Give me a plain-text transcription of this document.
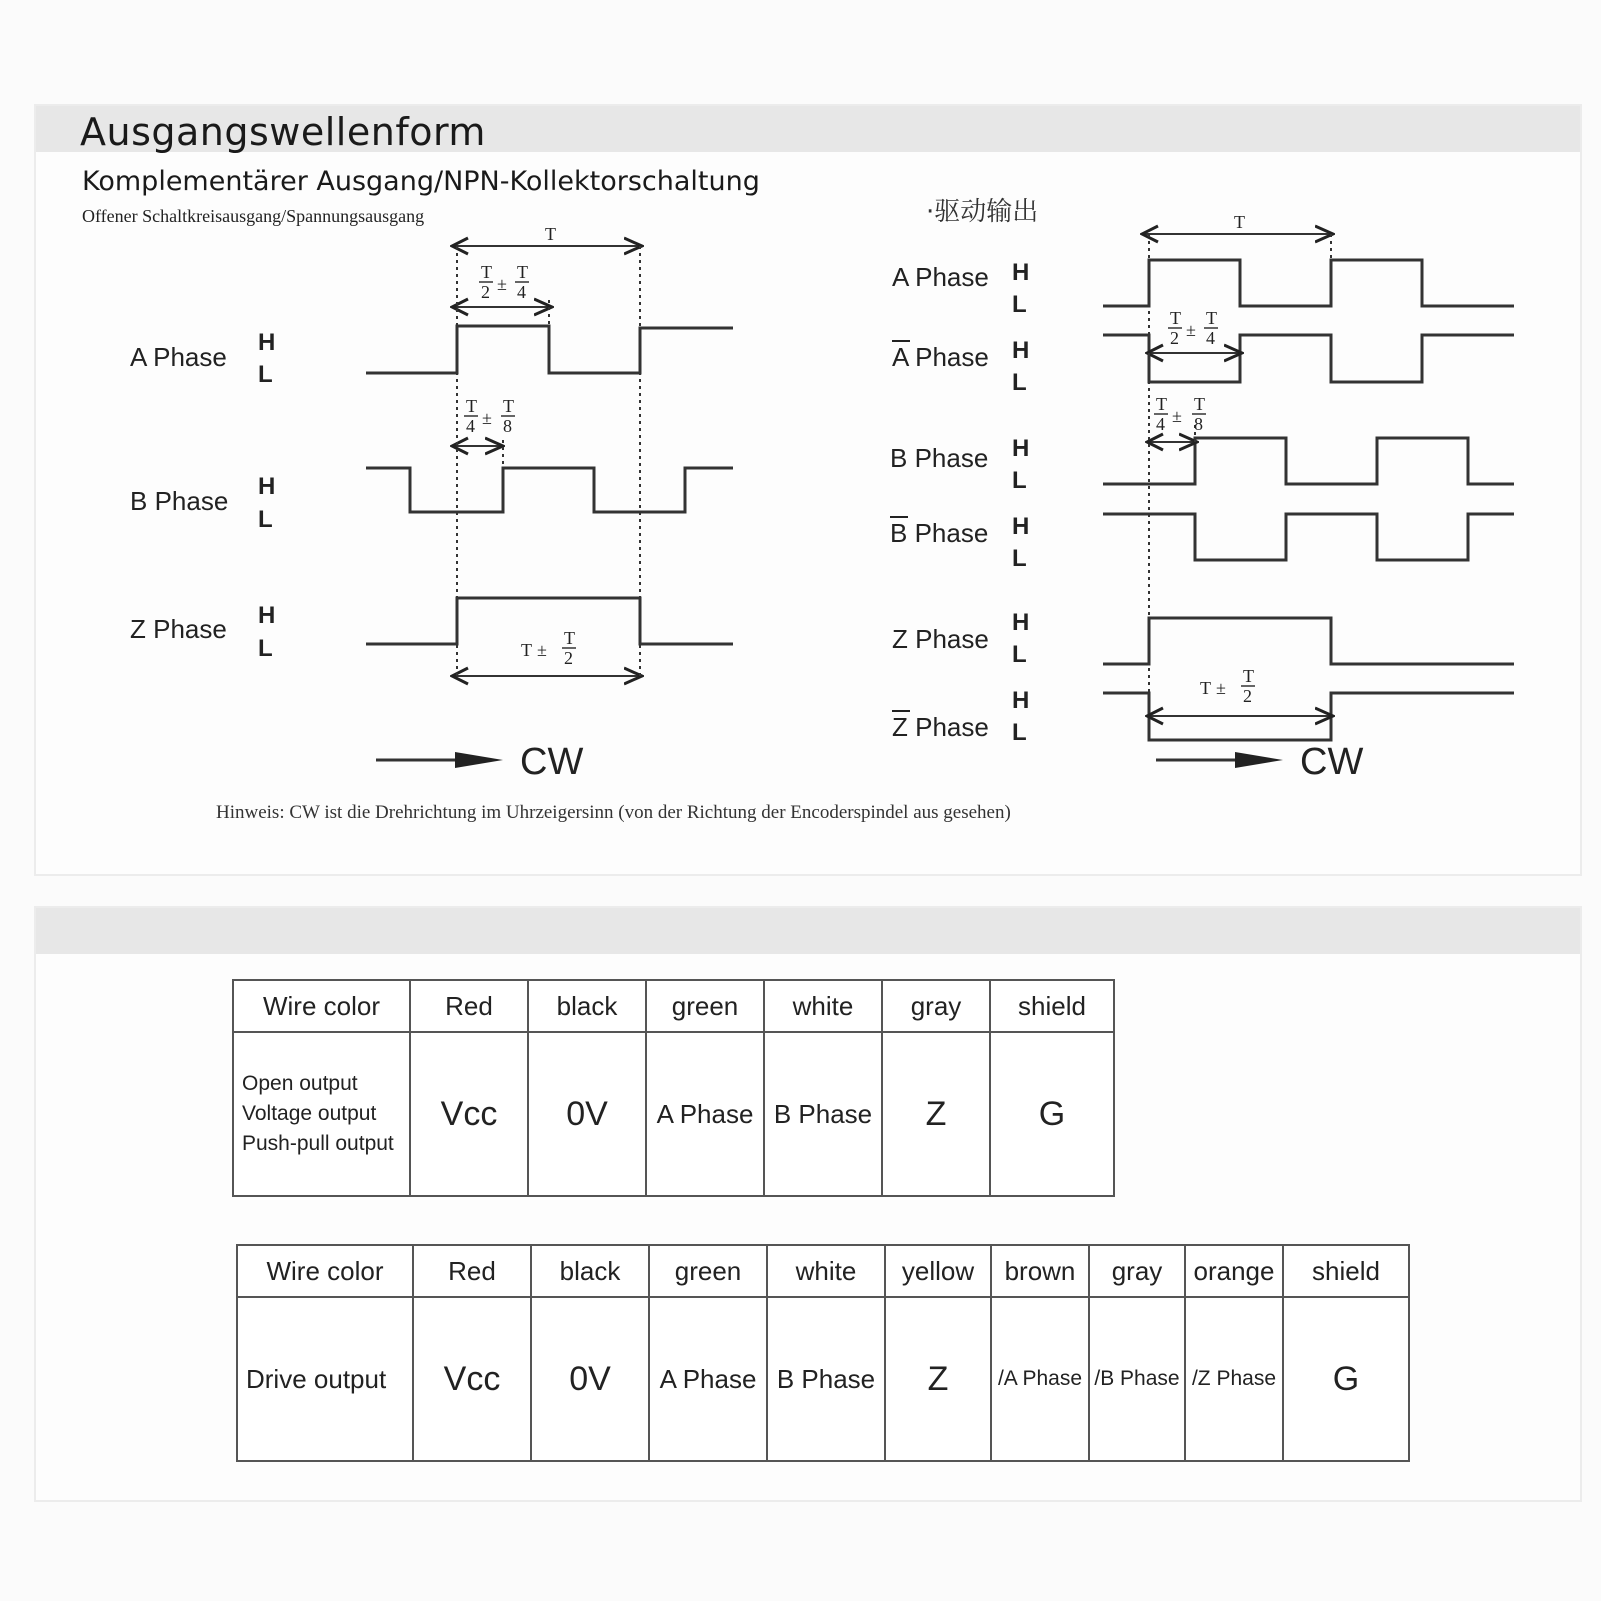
Ausgangswellenform
Komplementärer Ausgang/NPN-Kollektorschaltung
Offener Schaltkreisausgang/Spannungsausgang
Hinweis: CW ist die Drehrichtung im Uhrzeigersinn (von der Richtung der Encoderspindel aus gesehen)
A Phase
B Phase
Z Phase
H
L
H
L
H
L
T
CW
T
2 ±
T
4
T
4 ±
T
8
T ±
T
2
·驱动输出
A Phase
A Phase
B Phase
B Phase
Z Phase
Z Phase
H
L
H
L
H
L
H
L
H
L
H
L
T
CW
T
2 ±
T
4
T
4 ±
T
8
T ±
T
2
Wire color	Red	black	green	white	gray	shield

Open output
Voltage output
Push-pull output	Vcc	0V	A Phase	B Phase	Z	G
Wire color	Red	black	green	white	yellow	brown	gray	orange	shield
Drive output	Vcc	0V	A Phase	B Phase	Z	/A Phase	/B Phase	/Z Phase	G
